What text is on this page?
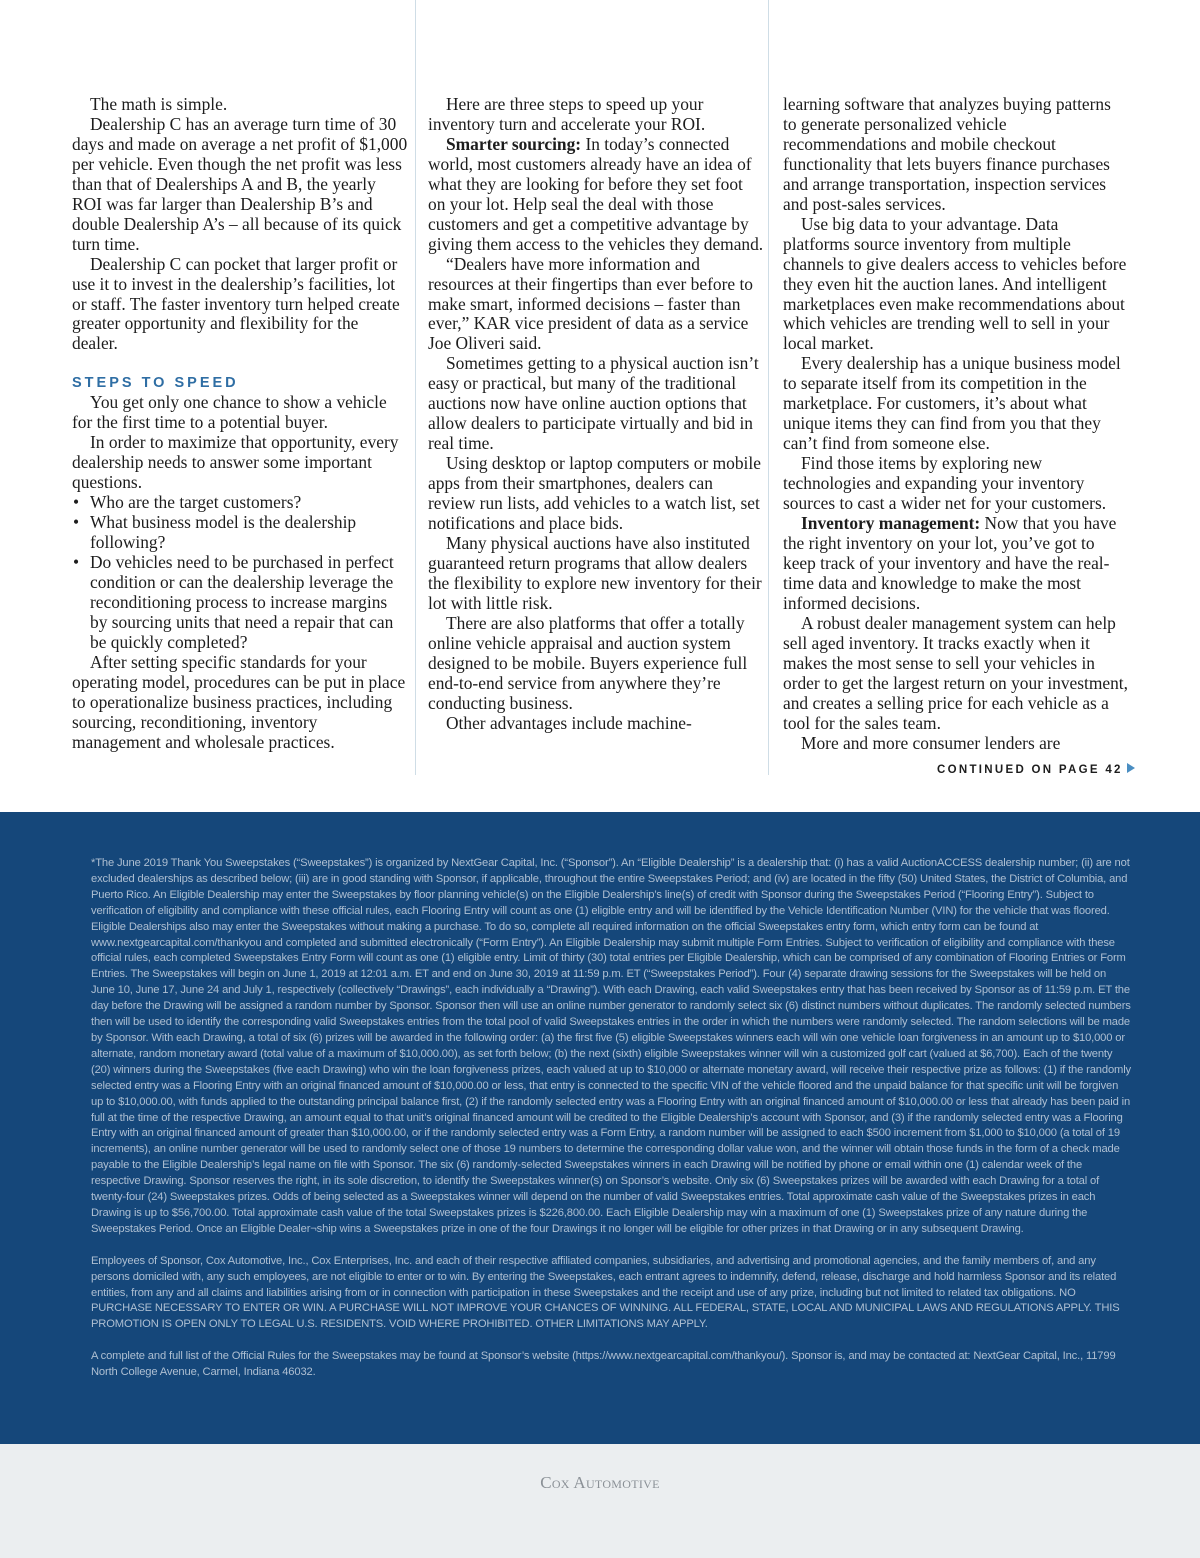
The math is simple.

Dealership C has an average turn time of 30 days and made on average a net profit of $1,000 per vehicle. Even though the net profit was less than that of Dealerships A and B, the yearly ROI was far larger than Dealership B’s and double Dealership A’s – all because of its quick turn time.

Dealership C can pocket that larger profit or use it to invest in the dealership’s facilities, lot or staff. The faster inventory turn helped create greater opportunity and flexibility for the dealer.

STEPS TO SPEED

You get only one chance to show a vehicle for the first time to a potential buyer.

In order to maximize that opportunity, every dealership needs to answer some important questions.

• Who are the target customers?
• What business model is the dealership following?
• Do vehicles need to be purchased in perfect condition or can the dealership leverage the reconditioning process to increase margins by sourcing units that need a repair that can be quickly completed?

After setting specific standards for your operating model, procedures can be put in place to operationalize business practices, including sourcing, reconditioning, inventory management and wholesale practices.

Here are three steps to speed up your inventory turn and accelerate your ROI.

Smarter sourcing: In today’s connected world, most customers already have an idea of what they are looking for before they set foot on your lot. Help seal the deal with those customers and get a competitive advantage by giving them access to the vehicles they demand.

“Dealers have more information and resources at their fingertips than ever before to make smart, informed decisions – faster than ever,” KAR vice president of data as a service Joe Oliveri said.

Sometimes getting to a physical auction isn’t easy or practical, but many of the traditional auctions now have online auction options that allow dealers to participate virtually and bid in real time.

Using desktop or laptop computers or mobile apps from their smartphones, dealers can review run lists, add vehicles to a watch list, set notifications and place bids.

Many physical auctions have also instituted guaranteed return programs that allow dealers the flexibility to explore new inventory for their lot with little risk.

There are also platforms that offer a totally online vehicle appraisal and auction system designed to be mobile. Buyers experience full end-to-end service from anywhere they’re conducting business.

Other advantages include machine-

learning software that analyzes buying patterns to generate personalized vehicle recommendations and mobile checkout functionality that lets buyers finance purchases and arrange transportation, inspection services and post-sales services.

Use big data to your advantage. Data platforms source inventory from multiple channels to give dealers access to vehicles before they even hit the auction lanes. And intelligent marketplaces even make recommendations about which vehicles are trending well to sell in your local market.

Every dealership has a unique business model to separate itself from its competition in the marketplace. For customers, it’s about what unique items they can find from you that they can’t find from someone else.

Find those items by exploring new technologies and expanding your inventory sources to cast a wider net for your customers.

Inventory management: Now that you have the right inventory on your lot, you’ve got to keep track of your inventory and have the real-time data and knowledge to make the most informed decisions.

A robust dealer management system can help sell aged inventory. It tracks exactly when it makes the most sense to sell your vehicles in order to get the largest return on your investment, and creates a selling price for each vehicle as a tool for the sales team.

More and more consumer lenders are

CONTINUED ON PAGE 42

*The June 2019 Thank You Sweepstakes (“Sweepstakes”) is organized by NextGear Capital, Inc. (“Sponsor”). An “Eligible Dealership” is a dealership that: (i) has a valid AuctionACCESS dealership number; (ii) are not excluded dealerships as described below; (iii) are in good standing with Sponsor, if applicable, throughout the entire Sweepstakes Period; and (iv) are located in the fifty (50) United States, the District of Columbia, and Puerto Rico. An Eligible Dealership may enter the Sweepstakes by floor planning vehicle(s) on the Eligible Dealership’s line(s) of credit with Sponsor during the Sweepstakes Period (“Flooring Entry”). Subject to verification of eligibility and compliance with these official rules, each Flooring Entry will count as one (1) eligible entry and will be identified by the Vehicle Identification Number (VIN) for the vehicle that was floored. Eligible Dealerships also may enter the Sweepstakes without making a purchase. To do so, complete all required information on the official Sweepstakes entry form, which entry form can be found at www.nextgearcapital.com/thankyou and completed and submitted electronically (“Form Entry”). An Eligible Dealership may submit multiple Form Entries. Subject to verification of eligibility and compliance with these official rules, each completed Sweepstakes Entry Form will count as one (1) eligible entry. Limit of thirty (30) total entries per Eligible Dealership, which can be comprised of any combination of Flooring Entries or Form Entries. The Sweepstakes will begin on June 1, 2019 at 12:01 a.m. ET and end on June 30, 2019 at 11:59 p.m. ET (“Sweepstakes Period”). Four (4) separate drawing sessions for the Sweepstakes will be held on June 10, June 17, June 24 and July 1, respectively (collectively “Drawings”, each individually a “Drawing”). With each Drawing, each valid Sweepstakes entry that has been received by Sponsor as of 11:59 p.m. ET the day before the Drawing will be assigned a random number by Sponsor. Sponsor then will use an online number generator to randomly select six (6) distinct numbers without duplicates. The randomly selected numbers then will be used to identify the corresponding valid Sweepstakes entries from the total pool of valid Sweepstakes entries in the order in which the numbers were randomly selected. The random selections will be made by Sponsor. With each Drawing, a total of six (6) prizes will be awarded in the following order: (a) the first five (5) eligible Sweepstakes winners each will win one vehicle loan forgiveness in an amount up to $10,000 or alternate, random monetary award (total value of a maximum of $10,000.00), as set forth below; (b) the next (sixth) eligible Sweepstakes winner will win a customized golf cart (valued at $6,700). Each of the twenty (20) winners during the Sweepstakes (five each Drawing) who win the loan forgiveness prizes, each valued at up to $10,000 or alternate monetary award, will receive their respective prize as follows: (1) if the randomly selected entry was a Flooring Entry with an original financed amount of $10,000.00 or less, that entry is connected to the specific VIN of the vehicle floored and the unpaid balance for that specific unit will be forgiven up to $10,000.00, with funds applied to the outstanding principal balance first, (2) if the randomly selected entry was a Flooring Entry with an original financed amount of $10,000.00 or less that already has been paid in full at the time of the respective Drawing, an amount equal to that unit’s original financed amount will be credited to the Eligible Dealership’s account with Sponsor, and (3) if the randomly selected entry was a Flooring Entry with an original financed amount of greater than $10,000.00, or if the randomly selected entry was a Form Entry, a random number will be assigned to each $500 increment from $1,000 to $10,000 (a total of 19 increments), an online number generator will be used to randomly select one of those 19 numbers to determine the corresponding dollar value won, and the winner will obtain those funds in the form of a check made payable to the Eligible Dealership’s legal name on file with Sponsor. The six (6) randomly-selected Sweepstakes winners in each Drawing will be notified by phone or email within one (1) calendar week of the respective Drawing. Sponsor reserves the right, in its sole discretion, to identify the Sweepstakes winner(s) on Sponsor’s website. Only six (6) Sweepstakes prizes will be awarded with each Drawing for a total of twenty-four (24) Sweepstakes prizes. Odds of being selected as a Sweepstakes winner will depend on the number of valid Sweepstakes entries. Total approximate cash value of the Sweepstakes prizes in each Drawing is up to $56,700.00. Total approximate cash value of the total Sweepstakes prizes is $226,800.00. Each Eligible Dealership may win a maximum of one (1) Sweepstakes prize of any nature during the Sweepstakes Period. Once an Eligible Dealer¬ship wins a Sweepstakes prize in one of the four Drawings it no longer will be eligible for other prizes in that Drawing or in any subsequent Drawing.

Employees of Sponsor, Cox Automotive, Inc., Cox Enterprises, Inc. and each of their respective affiliated companies, subsidiaries, and advertising and promotional agencies, and the family members of, and any persons domiciled with, any such employees, are not eligible to enter or to win. By entering the Sweepstakes, each entrant agrees to indemnify, defend, release, discharge and hold harmless Sponsor and its related entities, from any and all claims and liabilities arising from or in connection with participation in these Sweepstakes and the receipt and use of any prize, including but not limited to related tax obligations. NO PURCHASE NECESSARY TO ENTER OR WIN. A PURCHASE WILL NOT IMPROVE YOUR CHANCES OF WINNING. ALL FEDERAL, STATE, LOCAL AND MUNICIPAL LAWS AND REGULATIONS APPLY. THIS PROMOTION IS OPEN ONLY TO LEGAL U.S. RESIDENTS. VOID WHERE PROHIBITED. OTHER LIMITATIONS MAY APPLY.

A complete and full list of the Official Rules for the Sweepstakes may be found at Sponsor’s website (https://www.nextgearcapital.com/thankyou/). Sponsor is, and may be contacted at: NextGear Capital, Inc., 11799 North College Avenue, Carmel, Indiana 46032.

Cox Automotive
